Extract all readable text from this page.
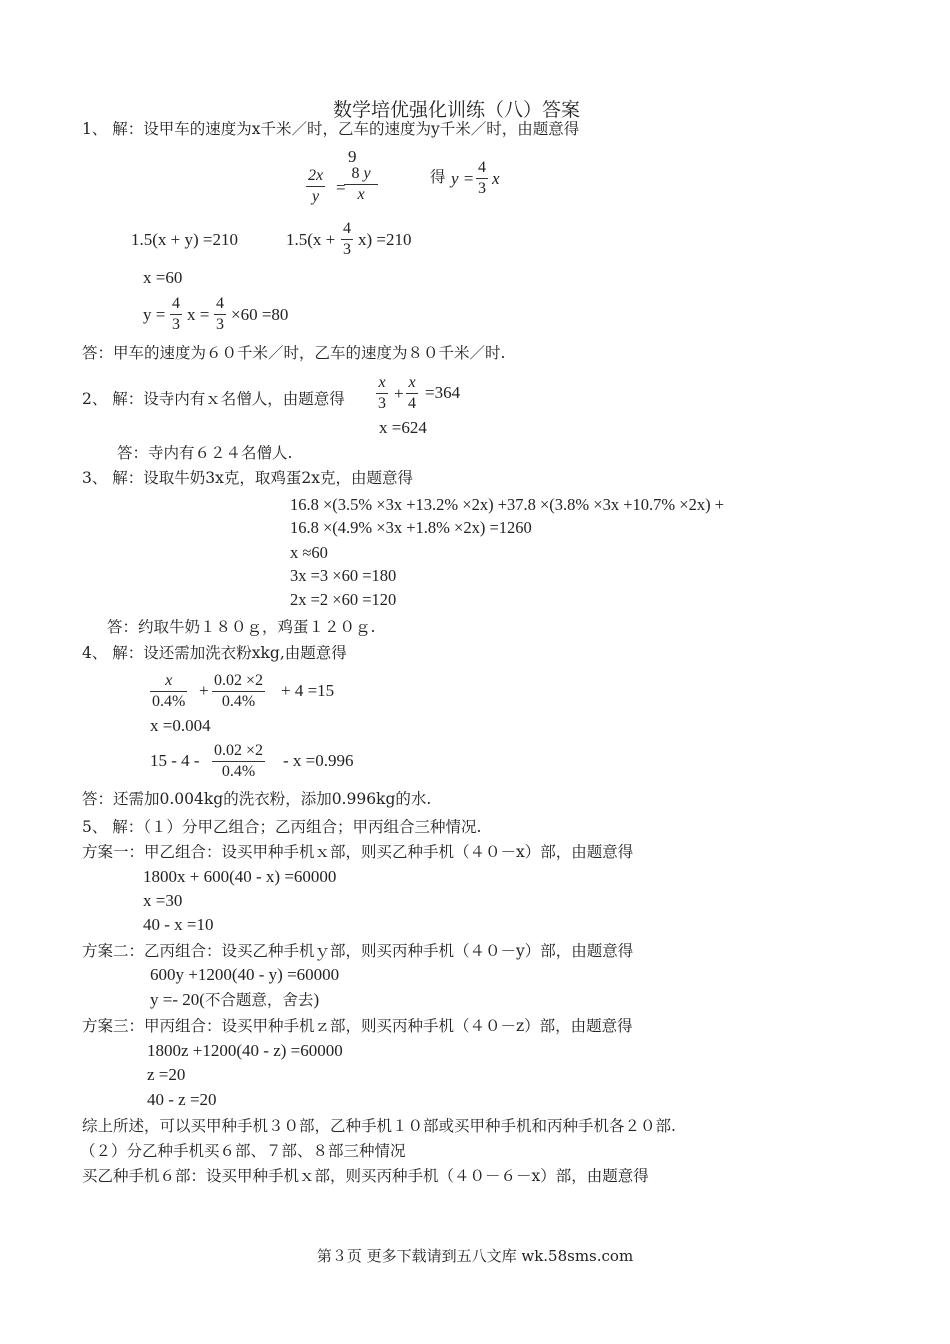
数学培优强化训练（八）答案
1、 解：设甲车的速度为x千米／时，乙车的速度为y千米／时，由题意得
$\frac{2x}{y}$ =
9
$\frac{8 y}{x}$	得 $y = \frac{4}{3}$ x
1.5(x + y) =210	$1.5(x + \frac{4}{3} x) =210$
x =60
$y = \frac{4}{3}$ $x = \frac{4}{3} \times 60 =80$
答：甲车的速度为６０千米／时，乙车的速度为８０千米／时.
2、 解：设寺内有ｘ名僧人，由题意得 $\frac{x}{3} + \frac{x}{4} =364$
x =624
答：寺内有６２４名僧人.
3、 解：设取牛奶3x克，取鸡蛋2x克，由题意得
16.8 ×(3.5% ×3x +13.2% ×2x) +37.8 ×(3.8% ×3x +10.7% ×2x) +
16.8 ×(4.9% ×3x +1.8% ×2x) =1260
x ≈60
3x =3 ×60 =180
2x =2 ×60 =120
答：约取牛奶１８０ｇ，鸡蛋１２０ｇ.
4、 解：设还需加洗衣粉xkg,由题意得
$\frac{x}{0.4\%} + \frac{0.02 \times 2}{0.4\%} + 4 =15$
x =0.004
$15 - 4 - \frac{0.02 \times 2}{0.4\%} - x =0.996$
答：还需加0.004kg的洗衣粉，添加0.996kg的水.
5、 解：（１）分甲乙组合；乙丙组合；甲丙组合三种情况.
方案一：甲乙组合：设买甲种手机ｘ部，则买乙种手机（４０－x）部，由题意得
1800x + 600(40 - x) =60000
x =30
40 - x =10
方案二：乙丙组合：设买乙种手机ｙ部，则买丙种手机（４０－y）部，由题意得
600y +1200(40 - y) =60000
y =- 20(不合题意，舍去)
方案三：甲丙组合：设买甲种手机ｚ部，则买丙种手机（４０－z）部，由题意得
1800z +1200(40 - z) =60000
z =20
40 - z =20
综上所述，可以买甲种手机３０部，乙种手机１０部或买甲种手机和丙种手机各２０部.
（２）分乙种手机买６部、７部、８部三种情况
买乙种手机６部：设买甲种手机ｘ部，则买丙种手机（４０－６－x）部，由题意得
第３页 更多下载请到五八文库 wk.58sms.com
